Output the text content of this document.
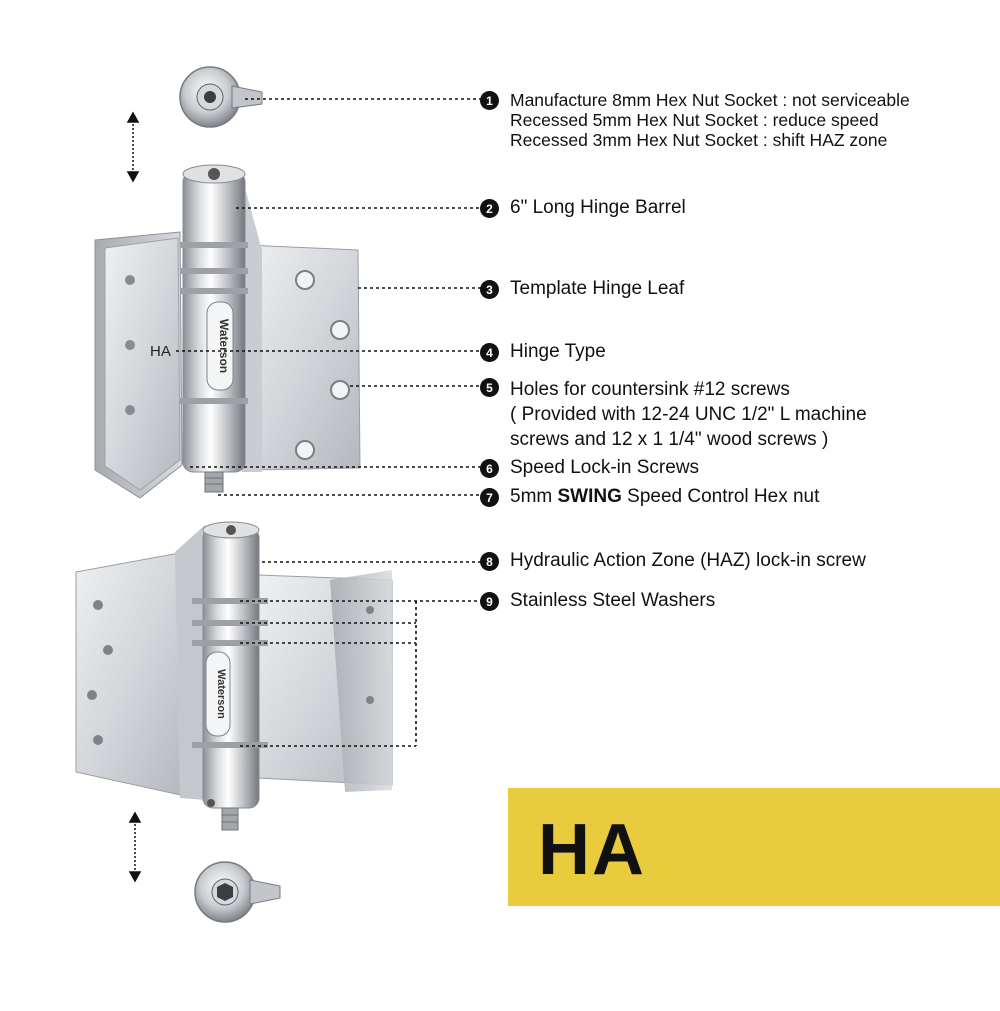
Waterson
Waterson
HA
1 Manufacture 8mm Hex Nut Socket : not serviceable
Recessed 5mm Hex Nut Socket : reduce speed
Recessed 3mm Hex Nut Socket : shift HAZ zone
2 6" Long Hinge Barrel
3 Template Hinge Leaf
4 Hinge Type
5 Holes for countersink #12 screws
( Provided with 12-24 UNC 1/2" L machine
screws and 12 x 1 1/4" wood screws )
6 Speed Lock-in Screws
7 5mm SWING Speed Control Hex nut
8 Hydraulic Action Zone (HAZ) lock-in screw
9 Stainless Steel Washers
HA
